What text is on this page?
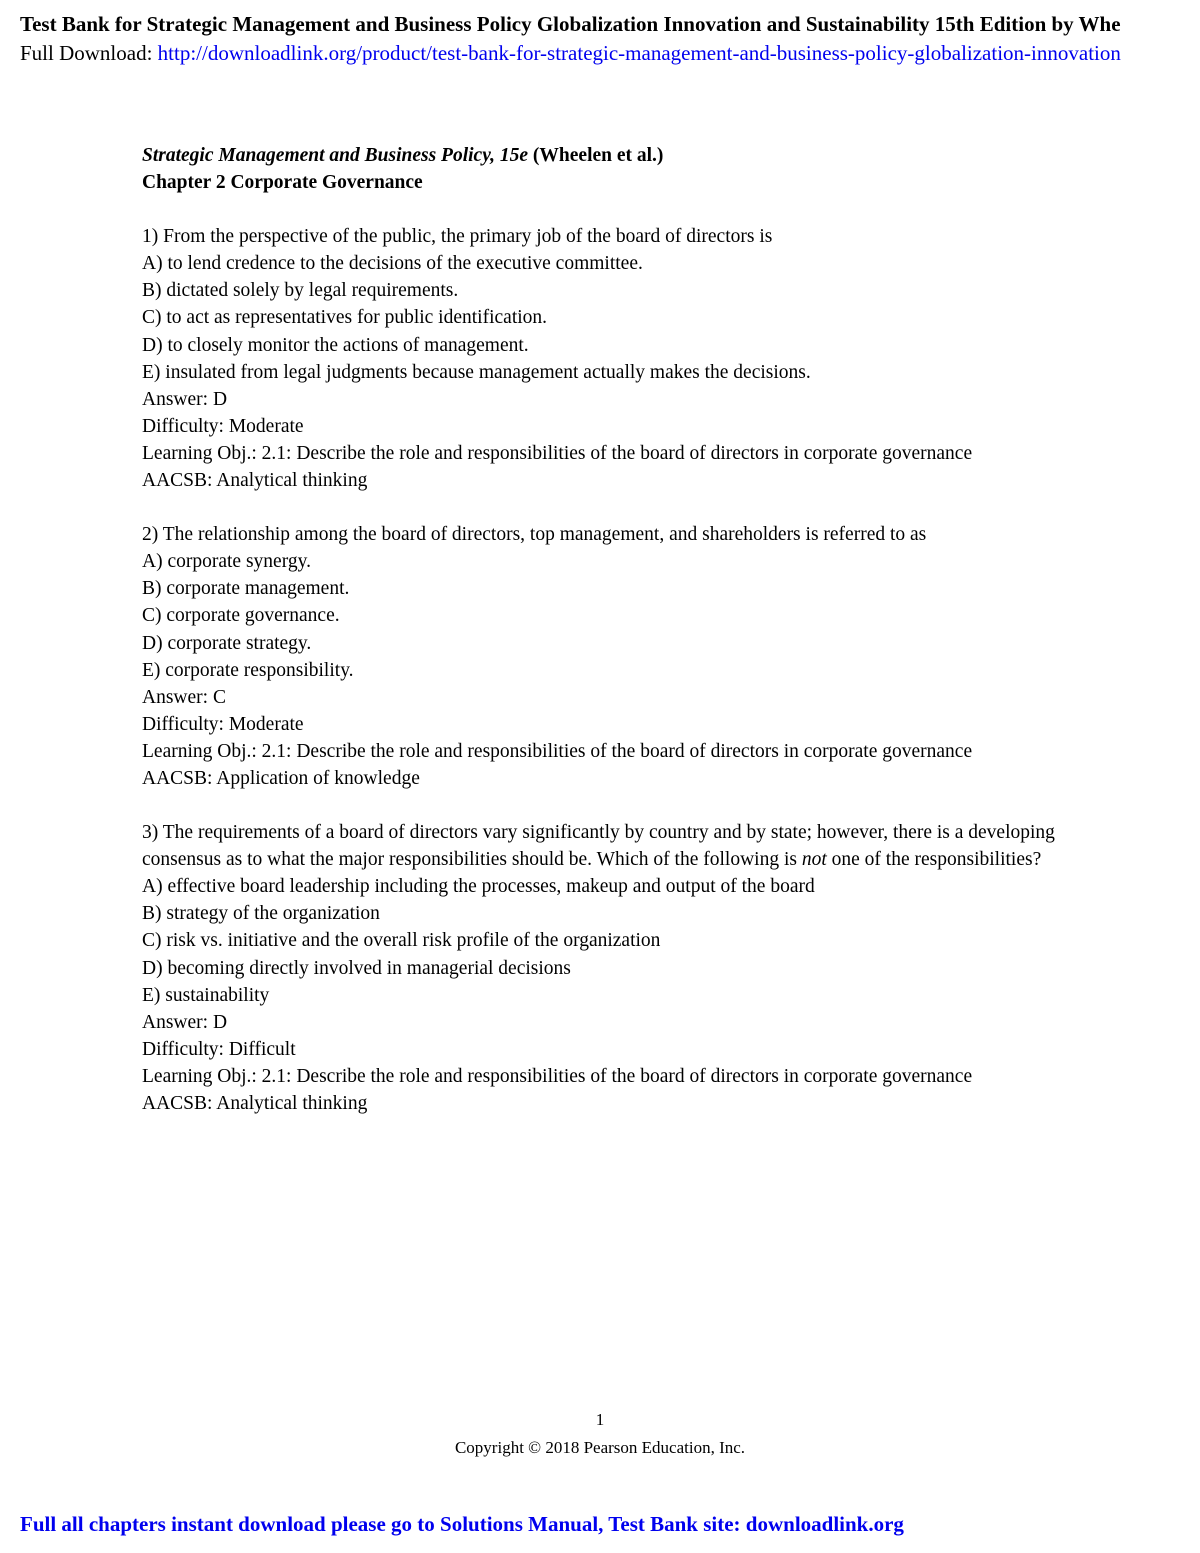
Test Bank for Strategic Management and Business Policy Globalization Innovation and Sustainability 15th Edition by Whe
Full Download: http://downloadlink.org/product/test-bank-for-strategic-management-and-business-policy-globalization-innovation
Strategic Management and Business Policy, 15e (Wheelen et al.)
Chapter 2 Corporate Governance
1) From the perspective of the public, the primary job of the board of directors is
A) to lend credence to the decisions of the executive committee.
B) dictated solely by legal requirements.
C) to act as representatives for public identification.
D) to closely monitor the actions of management.
E) insulated from legal judgments because management actually makes the decisions.
Answer: D
Difficulty: Moderate
Learning Obj.: 2.1: Describe the role and responsibilities of the board of directors in corporate governance
AACSB: Analytical thinking
2) The relationship among the board of directors, top management, and shareholders is referred to as
A) corporate synergy.
B) corporate management.
C) corporate governance.
D) corporate strategy.
E) corporate responsibility.
Answer: C
Difficulty: Moderate
Learning Obj.: 2.1: Describe the role and responsibilities of the board of directors in corporate governance
AACSB: Application of knowledge
3) The requirements of a board of directors vary significantly by country and by state; however, there is a developing consensus as to what the major responsibilities should be. Which of the following is not one of the responsibilities?
A) effective board leadership including the processes, makeup and output of the board
B) strategy of the organization
C) risk vs. initiative and the overall risk profile of the organization
D) becoming directly involved in managerial decisions
E) sustainability
Answer: D
Difficulty: Difficult
Learning Obj.: 2.1: Describe the role and responsibilities of the board of directors in corporate governance
AACSB: Analytical thinking
1
Copyright © 2018 Pearson Education, Inc.
Full all chapters instant download please go to Solutions Manual, Test Bank site: downloadlink.org
